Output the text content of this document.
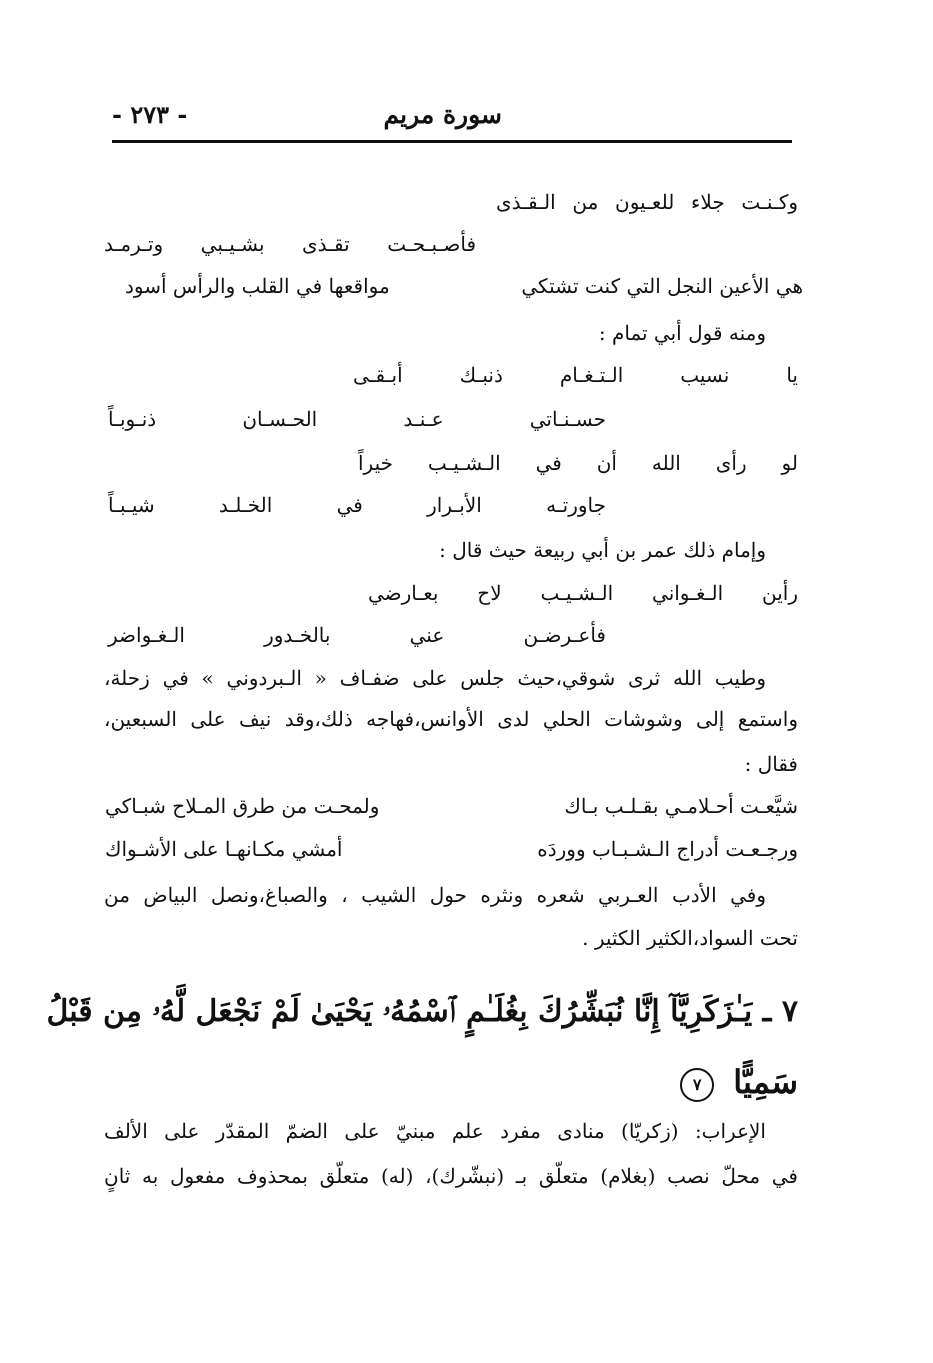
سورة مريم
- ٢٧٣ -
وكـنـت جلاء للعـيون من الـقـذى
فأصـبـحـت تقـذى بشـيـبي وتـرمـد
هي الأعين النجل التي كنت تشتكي
مواقعها في القلب والرأس أسود
ومنه قول أبي تمام :
يا نسيب الـتـغـام ذنبـك أبـقـى
حسـنـاتي عـنـد الحـسـان ذنـوبـاً
لو رأى الله أن في الـشـيـب خيراً
جاورتـه الأبـرار في الخـلـد شيـبـاً
وإمام ذلك عمر بن أبي ربيعة حيث قال :
رأين الـغـواني الـشـيـب لاح بعـارضي
فأعـرضـن عني بالخـدور الـغـواضر
وطيب الله ثرى شوقي،حيث جلس على ضفـاف « الـبردوني » في زحلة،
واستمع إلى وشوشات الحلي لدى الأوانس،فهاجه ذلك،وقد نيف على السبعين،
فقال :
شيَّعـت أحـلامـي بقـلـب بـاك
ولمحـت من طرق المـلاح شبـاكي
ورجـعـت أدراج الـشـبـاب ووردَه
أمشي مكـانهـا على الأشـواك
وفي الأدب العـربي شعره ونثره حول الشيب ، والصباغ،ونصل البياض من
تحت السواد،الكثير الكثير .
٧ ـ يَـٰزَكَرِيَّآ إِنَّا نُبَشِّرُكَ بِغُلَـٰمٍ ٱسْمُهُۥ يَحْيَىٰ لَمْ نَجْعَل لَّهُۥ مِن قَبْلُ
سَمِيًّا ٧
الإعراب: (زكريّا) منادى مفرد علم مبنيّ على الضمّ المقدّر على الألف
في محلّ نصب (بغلام) متعلّق بـ (نبشّرك)، (له) متعلّق بمحذوف مفعول به ثانٍ
